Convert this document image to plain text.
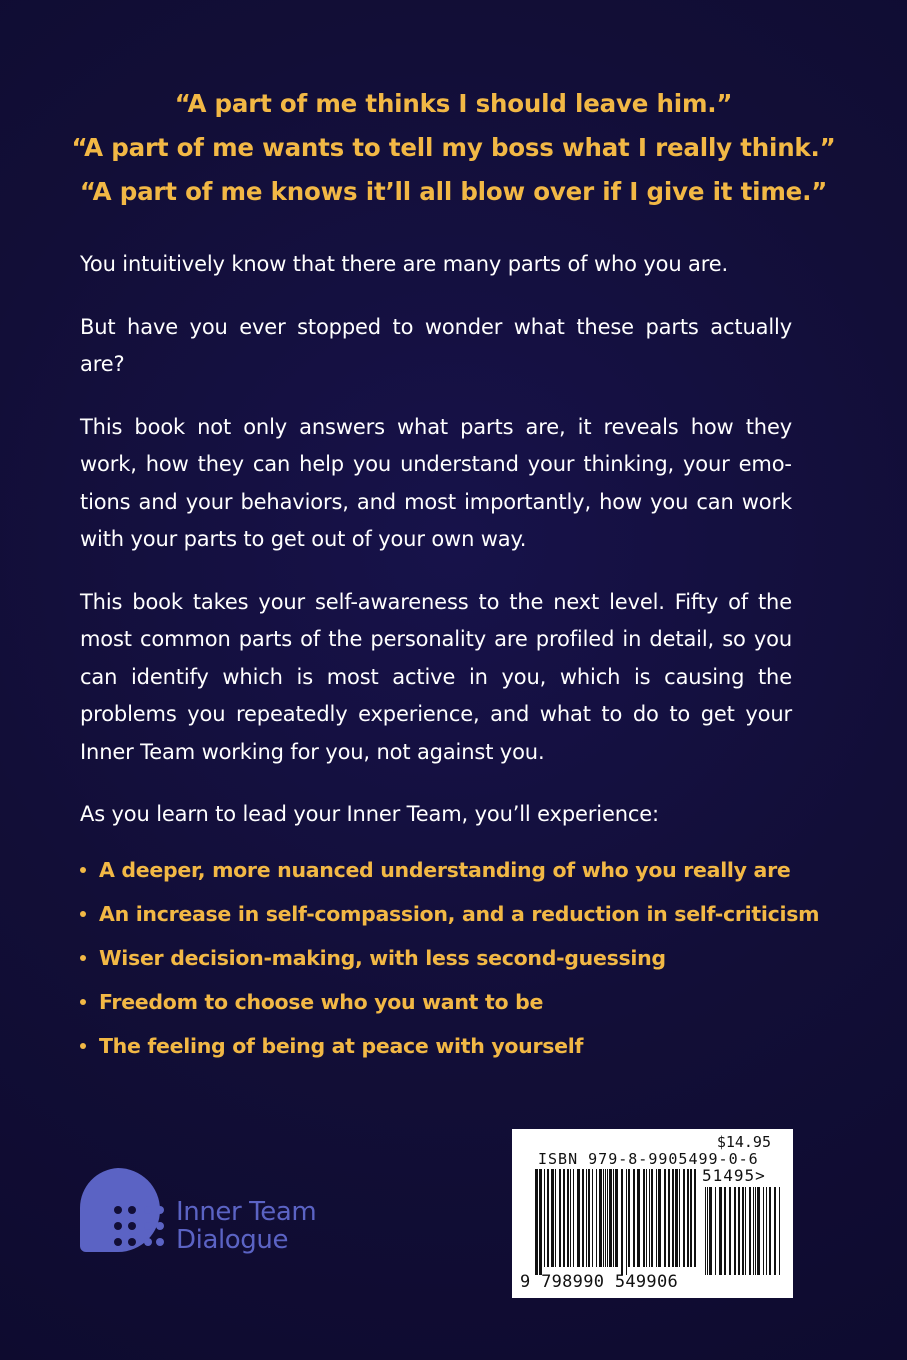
“A part of me thinks I should leave him.”
“A part of me wants to tell my boss what I really think.”
“A part of me knows it’ll all blow over if I give it time.”

You intuitively know that there are many parts of who you are.

But have you ever stopped to wonder what these parts actually are?

This book not only answers what parts are, it reveals how they work, how they can help you understand your thinking, your emotions and your behaviors, and most importantly, how you can work with your parts to get out of your own way.

This book takes your self-awareness to the next level. Fifty of the most common parts of the personality are profiled in detail, so you can identify which is most active in you, which is causing the problems you repeatedly experience, and what to do to get your Inner Team working for you, not against you.

As you learn to lead your Inner Team, you’ll experience:

A deeper, more nuanced understanding of who you really are
An increase in self-compassion, and a reduction in self-criticism
Wiser decision-making, with less second-guessing
Freedom to choose who you want to be
The feeling of being at peace with yourself
Inner Team
Dialogue
$14.95
ISBN 979-8-9905499-0-6
51495>
9 798990 549906
